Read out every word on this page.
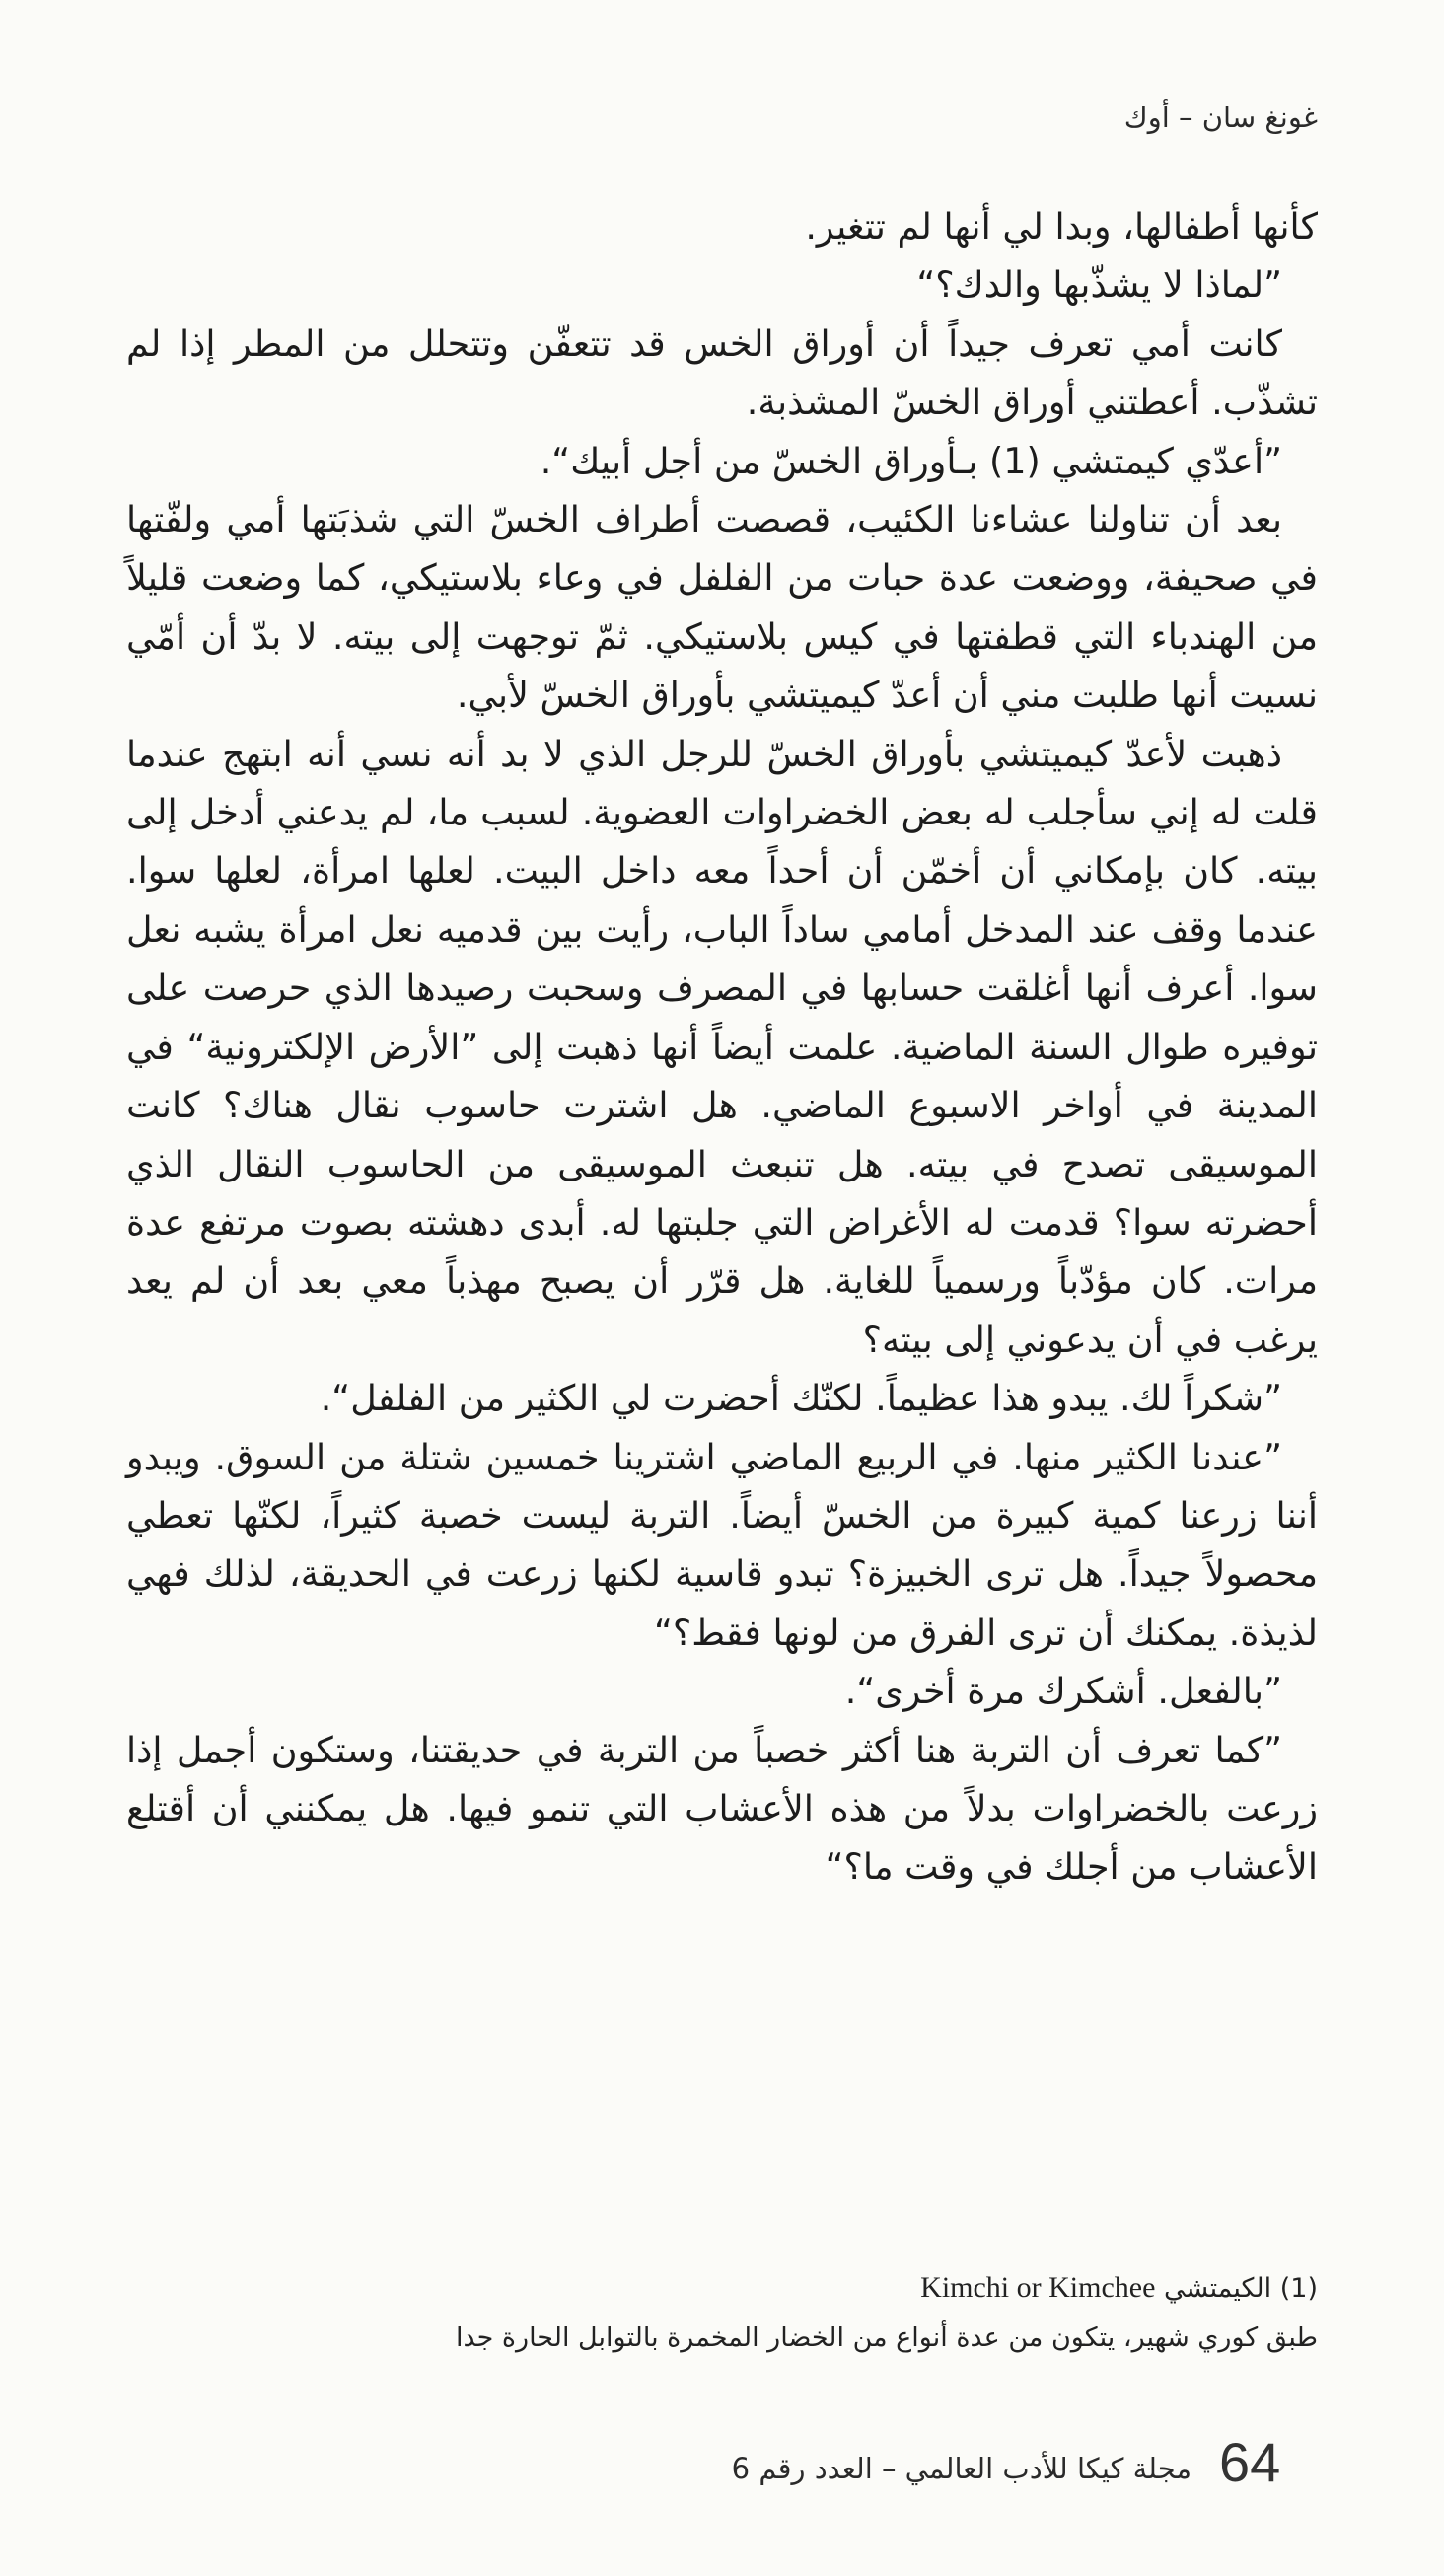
غونغ سان – أوك

كأنها أطفالها، وبدا لي أنها لم تتغير.

”لماذا لا يشذّبها والدك؟“

كانت أمي تعرف جيداً أن أوراق الخس قد تتعفّن وتتحلل من المطر إذا لم تشذّب. أعطتني أوراق الخسّ المشذبة.

”أعدّي كيمتشي (1) بـأوراق الخسّ من أجل أبيك“.

بعد أن تناولنا عشاءنا الكئيب، قصصت أطراف الخسّ التي شذبَتها أمي ولفّتها في صحيفة، ووضعت عدة حبات من الفلفل في وعاء بلاستيكي، كما وضعت قليلاً من الهندباء التي قطفتها في كيس بلاستيكي. ثمّ توجهت إلى بيته. لا بدّ أن أمّي نسيت أنها طلبت مني أن أعدّ كيميتشي بأوراق الخسّ لأبي.

ذهبت لأعدّ كيميتشي بأوراق الخسّ للرجل الذي لا بد أنه نسي أنه ابتهج عندما قلت له إني سأجلب له بعض الخضراوات العضوية. لسبب ما، لم يدعني أدخل إلى بيته. كان بإمكاني أن أخمّن أن أحداً معه داخل البيت. لعلها امرأة، لعلها سوا. عندما وقف عند المدخل أمامي ساداً الباب، رأيت بين قدميه نعل امرأة يشبه نعل سوا. أعرف أنها أغلقت حسابها في المصرف وسحبت رصيدها الذي حرصت على توفيره طوال السنة الماضية. علمت أيضاً أنها ذهبت إلى ”الأرض الإلكترونية“ في المدينة في أواخر الاسبوع الماضي. هل اشترت حاسوب نقال هناك؟ كانت الموسيقى تصدح في بيته. هل تنبعث الموسيقى من الحاسوب النقال الذي أحضرته سوا؟ قدمت له الأغراض التي جلبتها له. أبدى دهشته بصوت مرتفع عدة مرات. كان مؤدّباً ورسمياً للغاية. هل قرّر أن يصبح مهذباً معي بعد أن لم يعد يرغب في أن يدعوني إلى بيته؟

”شكراً لك. يبدو هذا عظيماً. لكنّك أحضرت لي الكثير من الفلفل“.

”عندنا الكثير منها. في الربيع الماضي اشترينا خمسين شتلة من السوق. ويبدو أننا زرعنا كمية كبيرة من الخسّ أيضاً. التربة ليست خصبة كثيراً، لكنّها تعطي محصولاً جيداً. هل ترى الخبيزة؟ تبدو قاسية لكنها زرعت في الحديقة، لذلك فهي لذيذة. يمكنك أن ترى الفرق من لونها فقط؟“

”بالفعل. أشكرك مرة أخرى“.

”كما تعرف أن التربة هنا أكثر خصباً من التربة في حديقتنا، وستكون أجمل إذا زرعت بالخضراوات بدلاً من هذه الأعشاب التي تنمو فيها. هل يمكنني أن أقتلع الأعشاب من أجلك في وقت ما؟“

(1) الكيمتشي Kimchi or Kimchee
طبق كوري شهير، يتكون من عدة أنواع من الخضار المخمرة بالتوابل الحارة جدا
64
مجلة كيكا للأدب العالمي – العدد رقم 6
